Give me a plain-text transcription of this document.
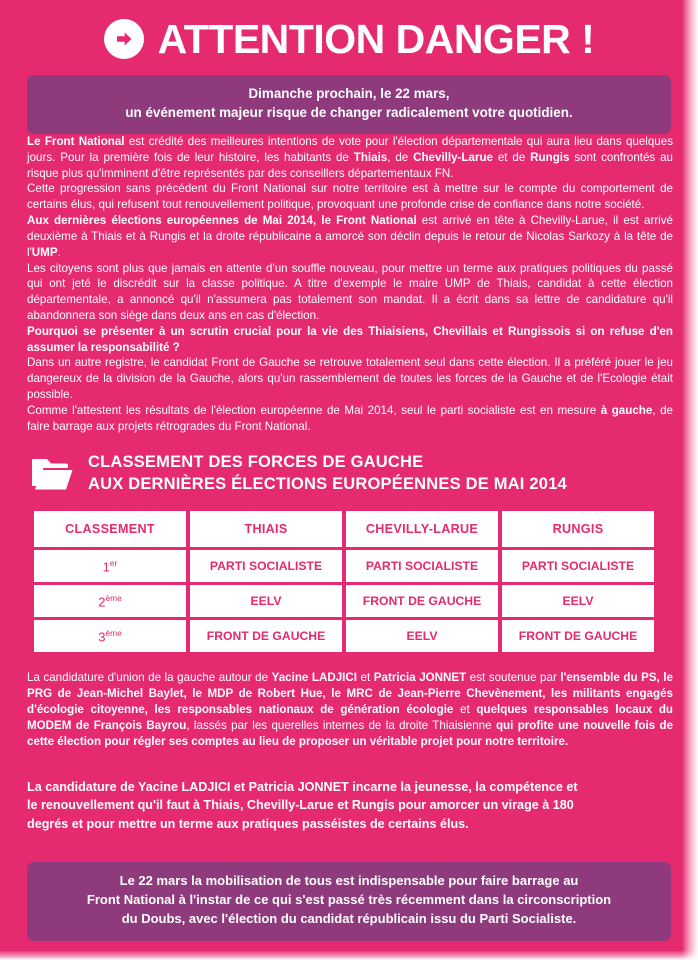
ATTENTION DANGER !
Dimanche prochain, le 22 mars,
un événement majeur risque de changer radicalement votre quotidien.

Le Front National est crédité des meilleures intentions de vote pour l'élection départementale qui aura lieu dans quelques jours. Pour la première fois de leur histoire, les habitants de Thiais, de Chevilly-Larue et de Rungis sont confrontés au risque plus qu'imminent d'être représentés par des conseillers départementaux FN.

Cette progression sans précédent du Front National sur notre territoire est à mettre sur le compte du comportement de certains élus, qui refusent tout renouvellement politique, provoquant une profonde crise de confiance dans notre société.

Aux dernières élections européennes de Mai 2014, le Front National est arrivé en tête à Chevilly-Larue, il est arrivé deuxième à Thiais et à Rungis et la droite républicaine a amorcé son déclin depuis le retour de Nicolas Sarkozy à la tête de l'UMP.

Les citoyens sont plus que jamais en attente d'un souffle nouveau, pour mettre un terme aux pratiques politiques du passé qui ont jeté le discrédit sur la classe politique. A titre d'exemple le maire UMP de Thiais, candidat à cette élection départementale, a annoncé qu'il n'assumera pas totalement son mandat. Il a écrit dans sa lettre de candidature qu'il abandonnera son siège dans deux ans en cas d'élection.

Pourquoi se présenter à un scrutin crucial pour la vie des Thiaisiens, Chevillais et Rungissois si on refuse d'en assumer la responsabilité ?

Dans un autre registre, le candidat Front de Gauche se retrouve totalement seul dans cette élection. Il a préféré jouer le jeu dangereux de la division de la Gauche, alors qu'un rassemblement de toutes les forces de la Gauche et de l'Ecologie était possible.

Comme l'attestent les résultats de l'élection européenne de Mai 2014, seul le parti socialiste est en mesure à gauche, de faire barrage aux projets rétrogrades du Front National.

CLASSEMENT DES FORCES DE GAUCHE
AUX DERNIÈRES ÉLECTIONS EUROPÉENNES DE MAI 2014
CLASSEMENT	THIAIS	CHEVILLY-LARUE	RUNGIS
1er	PARTI SOCIALISTE	PARTI SOCIALISTE	PARTI SOCIALISTE
2ème	EELV	FRONT DE GAUCHE	EELV
3ème	FRONT DE GAUCHE	EELV	FRONT DE GAUCHE
Source : Journal Le Monde

La candidature d'union de la gauche autour de Yacine LADJICI et Patricia JONNET est soutenue par l'ensemble du PS, le PRG de Jean-Michel Baylet, le MDP de Robert Hue, le MRC de Jean-Pierre Chevènement, les militants engagés d'écologie citoyenne, les responsables nationaux de génération écologie et quelques responsables locaux du MODEM de François Bayrou, lassés par les querelles internes de la droite Thiaisienne qui profite une nouvelle fois de cette élection pour régler ses comptes au lieu de proposer un véritable projet pour notre territoire.

La candidature de Yacine LADJICI et Patricia JONNET incarne la jeunesse, la compétence et

le renouvellement qu'il faut à Thiais, Chevilly-Larue et Rungis pour amorcer un virage à 180

degrés et pour mettre un terme aux pratiques passéistes de certains élus.

Le 22 mars la mobilisation de tous est indispensable pour faire barrage au
Front National à l'instar de ce qui s'est passé très récemment dans la circonscription
du Doubs, avec l'élection du candidat républicain issu du Parti Socialiste.
